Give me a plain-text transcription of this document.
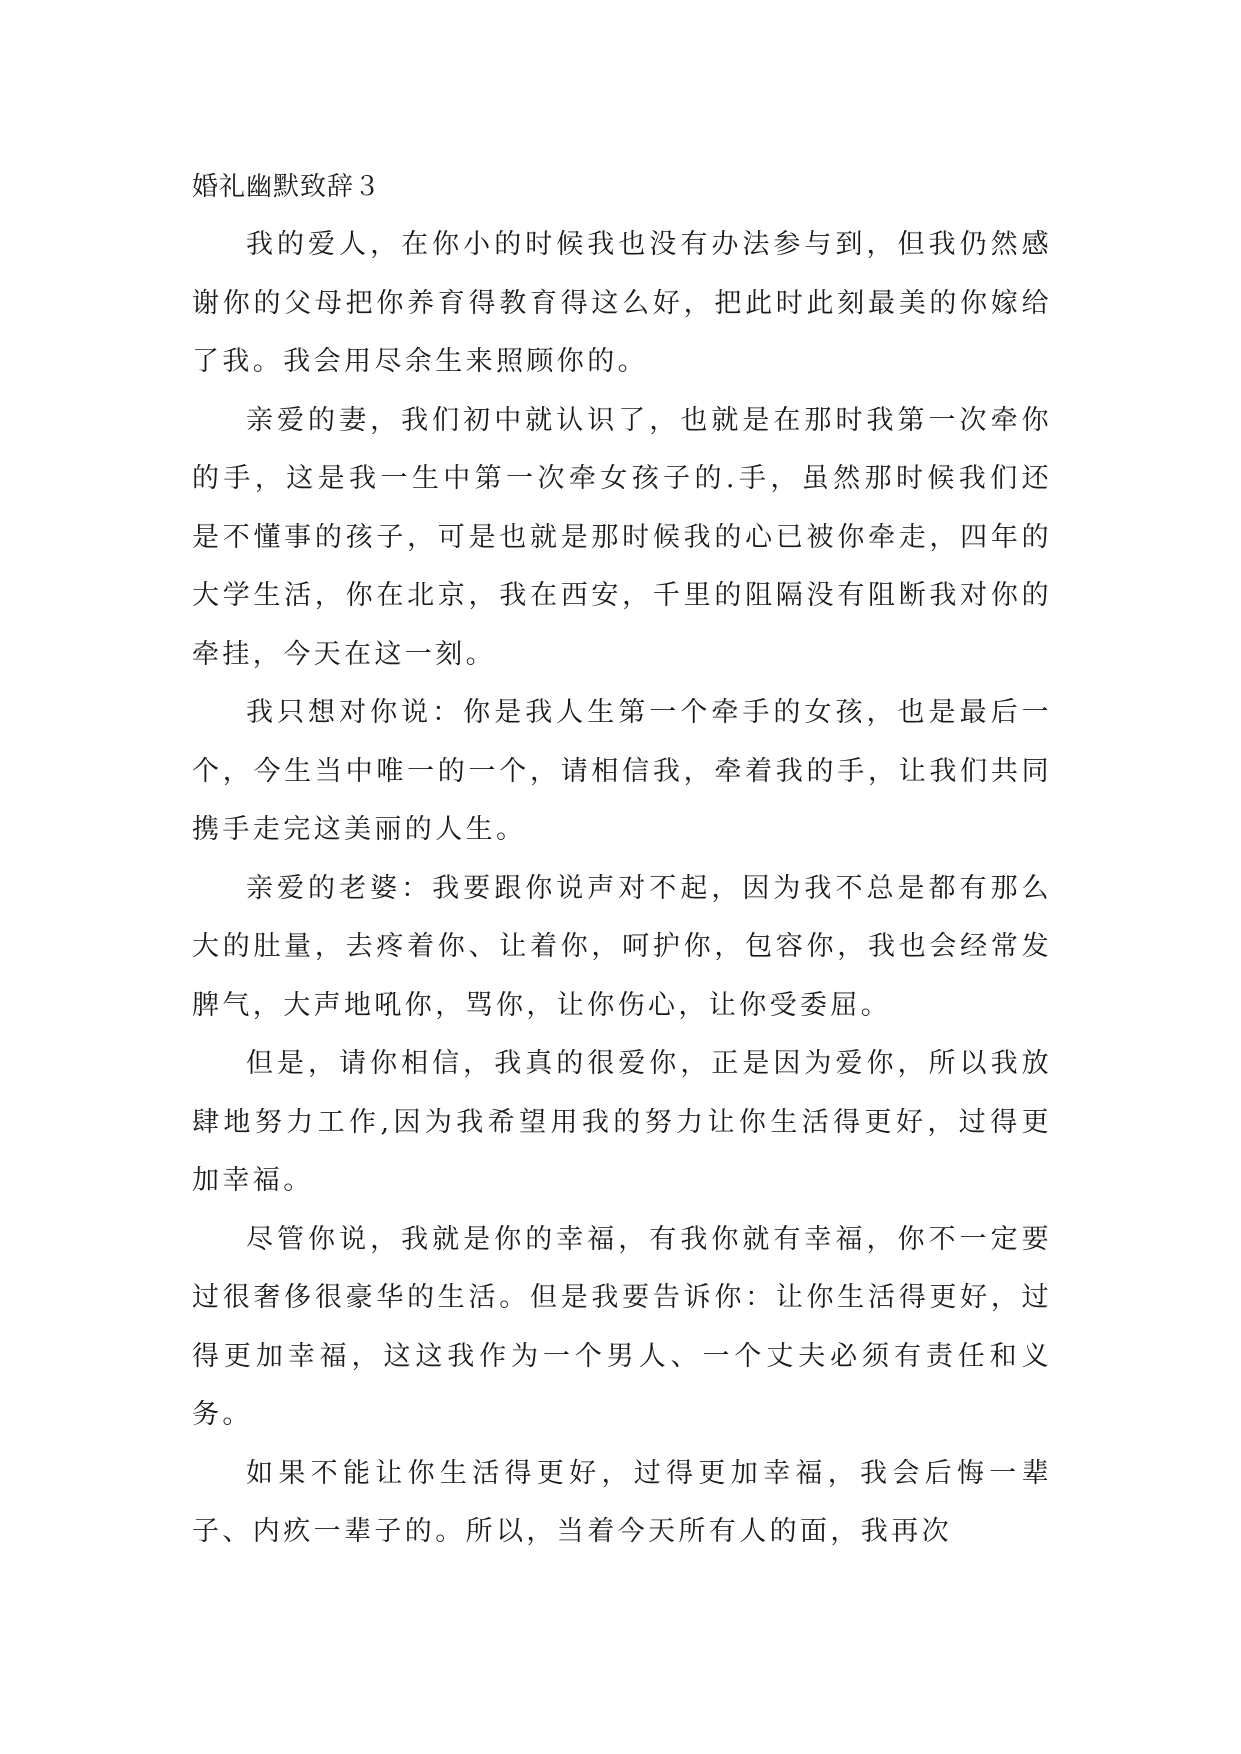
婚礼幽默致辞３

我的爱人，在你小的时候我也没有办法参与到，但我仍然感谢你的父母把你养育得教育得这么好，把此时此刻最美的你嫁给了我。我会用尽余生来照顾你的。

亲爱的妻，我们初中就认识了，也就是在那时我第一次牵你的手，这是我一生中第一次牵女孩子的.手，虽然那时候我们还是不懂事的孩子，可是也就是那时候我的心已被你牵走，四年的大学生活，你在北京，我在西安，千里的阻隔没有阻断我对你的牵挂，今天在这一刻。

我只想对你说：你是我人生第一个牵手的女孩，也是最后一个，今生当中唯一的一个，请相信我，牵着我的手，让我们共同携手走完这美丽的人生。

亲爱的老婆：我要跟你说声对不起，因为我不总是都有那么大的肚量，去疼着你、让着你，呵护你，包容你，我也会经常发脾气，大声地吼你，骂你，让你伤心，让你受委屈。

但是，请你相信，我真的很爱你，正是因为爱你，所以我放肆地努力工作,因为我希望用我的努力让你生活得更好，过得更加幸福。

尽管你说，我就是你的幸福，有我你就有幸福，你不一定要过很奢侈很豪华的生活。但是我要告诉你：让你生活得更好，过得更加幸福，这这我作为一个男人、一个丈夫必须有责任和义务。

如果不能让你生活得更好，过得更加幸福，我会后悔一辈子、内疚一辈子的。所以，当着今天所有人的面，我再次
